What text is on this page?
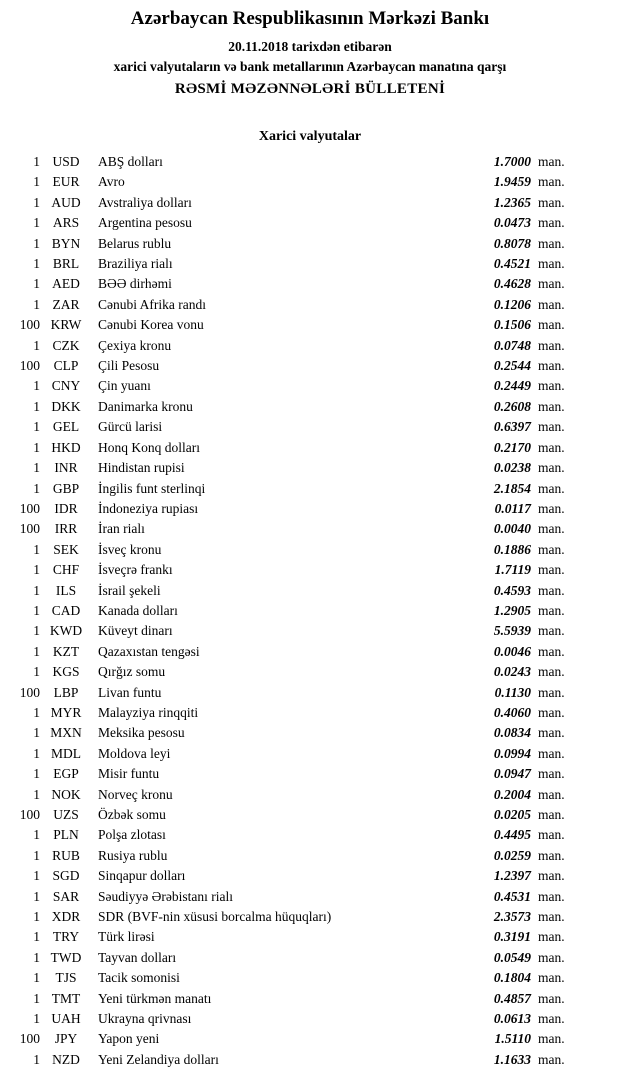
Azərbaycan Respublikasının Mərkəzi Bankı
20.11.2018 tarixdən etibarən
xarici valyutaların və bank metallarının Azərbaycan manatına qarşı
RƏSMİ MƏZƏNNƏLƏRİ BÜLLETENİ
Xarici valyutalar
1 USD	ABŞ dolları	1.7000 man.
1 EUR	Avro	1.9459 man.
1 AUD	Avstraliya dolları	1.2365 man.
1 ARS	Argentina pesosu	0.0473 man.
1 BYN	Belarus rublu	0.8078 man.
1 BRL	Braziliya rialı	0.4521 man.
1 AED	BƏƏ dirhəmi	0.4628 man.
1 ZAR	Cənubi Afrika randı	0.1206 man.
100 KRW	Cənubi Korea vonu	0.1506 man.
1 CZK	Çexiya kronu	0.0748 man.
100	CLP	Çili Pesosu	0.2544 man.
1 CNY	Çin yuanı	0.2449 man.
1 DKK	Danimarka kronu	0.2608 man.
1 GEL	Gürcü larisi	0.6397 man.
1 HKD	Honq Konq dolları	0.2170 man.
1	INR	Hindistan rupisi	0.0238 man.
1 GBP	İngilis funt sterlinqi	2.1854 man.
100	IDR	İndoneziya rupiası	0.0117 man.
100	IRR	İran rialı	0.0040 man.
1 SEK	İsveç kronu	0.1886 man.
1 CHF	İsveçrə frankı	1.7119 man.
1	ILS	İsrail şekeli	0.4593 man.
1 CAD	Kanada dolları	1.2905 man.
1 KWD	Küveyt dinarı	5.5939 man.
1 KZT	Qazaxıstan tengəsi	0.0046 man.
1 KGS	Qırğız somu	0.0243 man.
100	LBP	Livan funtu	0.1130 man.
1 MYR	Malayziya rinqqiti	0.4060 man.
1 MXN	Meksika pesosu	0.0834 man.
1 MDL	Moldova leyi	0.0994 man.
1 EGP	Misir funtu	0.0947 man.
1 NOK	Norveç kronu	0.2004 man.
100 UZS	Özbək somu	0.0205 man.
1 PLN	Polşa zlotası	0.4495 man.
1 RUB	Rusiya rublu	0.0259 man.
1 SGD	Sinqapur dolları	1.2397 man.
1 SAR	Səudiyyə Ərəbistanı rialı	0.4531 man.
1 XDR	SDR (BVF-nin xüsusi borcalma hüquqları)	2.3573 man.
1 TRY	Türk lirəsi	0.3191 man.
1 TWD	Tayvan dolları	0.0549 man.
1	TJS	Tacik somonisi	0.1804 man.
1 TMT	Yeni türkmən manatı	0.4857 man.
1 UAH	Ukrayna qrivnası	0.0613 man.
100	JPY	Yapon yeni	1.5110 man.
1 NZD	Yeni Zelandiya dolları	1.1633 man.
